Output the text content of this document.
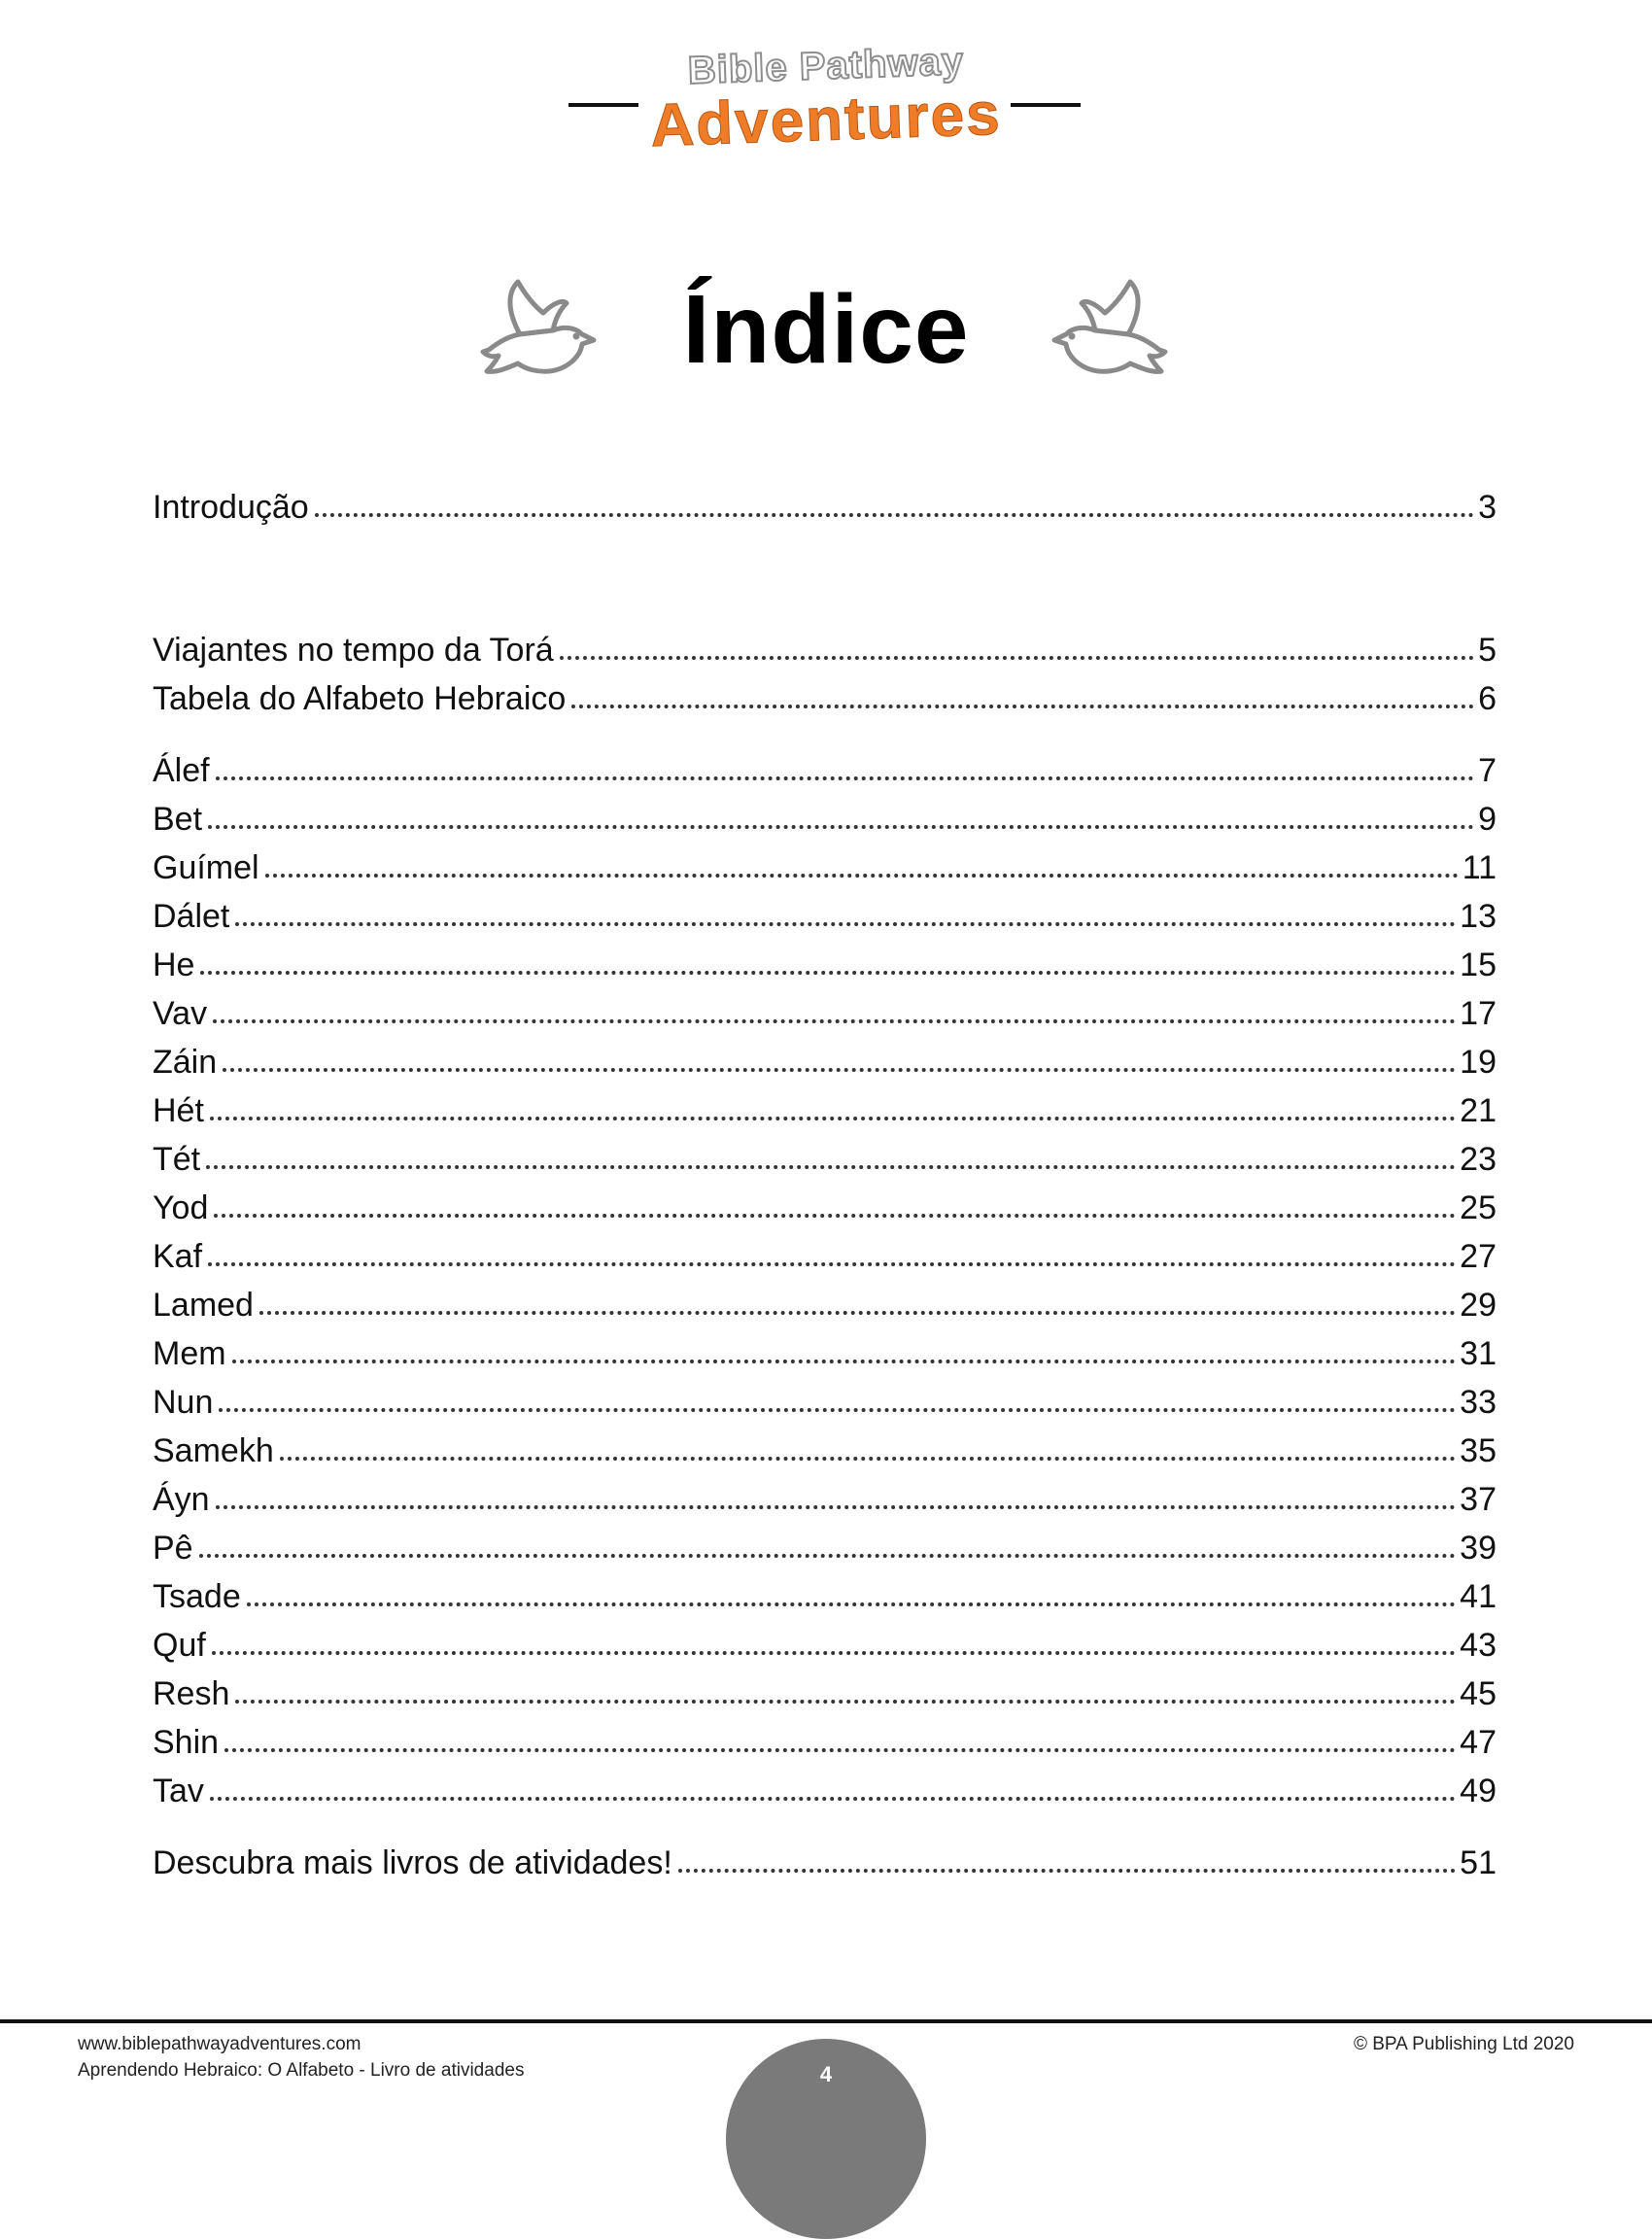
Bible Pathway
Adventures
Índice
Introdução	3
Viajantes no tempo da Torá	5
Tabela do Alfabeto Hebraico	6
Álef	7
Bet	9
Guímel	11
Dálet	13
He	15
Vav	17
Záin	19
Hét	21
Tét	23
Yod	25
Kaf	27
Lamed	29
Mem	31
Nun	33
Samekh	35
Áyn	37
Pê	39
Tsade	41
Quf	43
Resh	45
Shin	47
Tav	49
Descubra mais livros de atividades!	51
www.biblepathwayadventures.com
Aprendendo Hebraico: O Alfabeto - Livro de atividades
© BPA Publishing Ltd 2020
4
